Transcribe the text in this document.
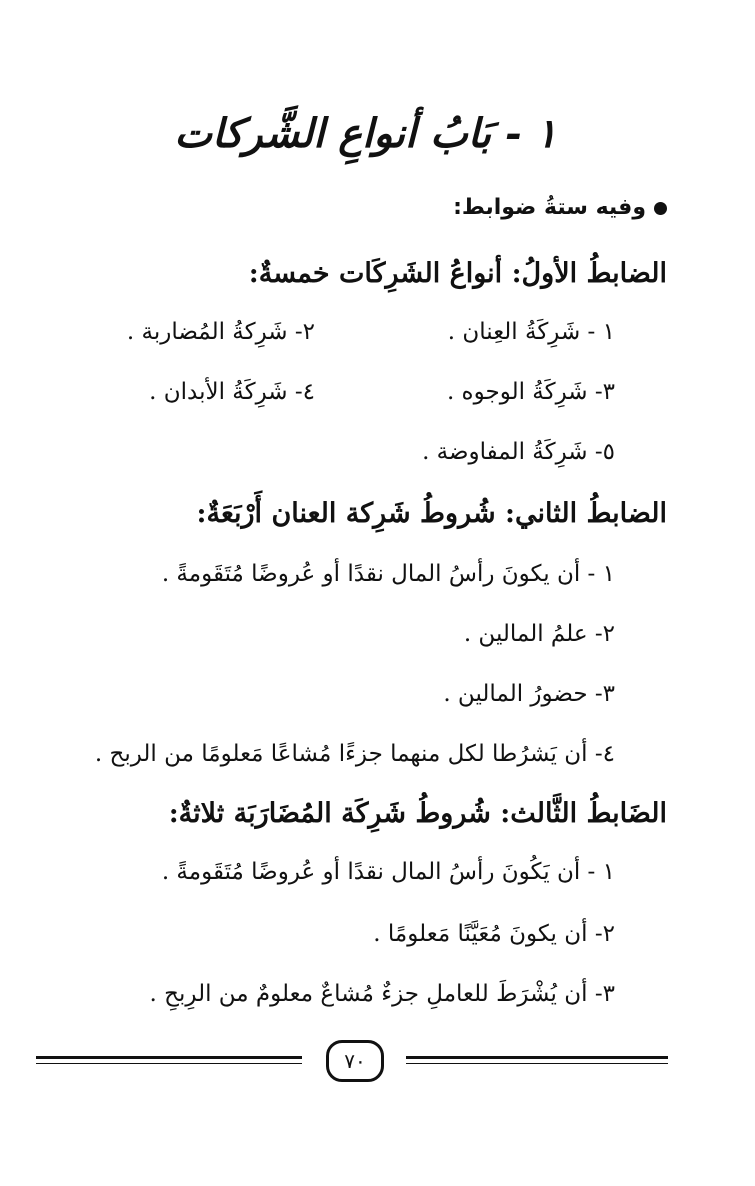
١ - بَابُ أنواعِ الشَّركات
وفيه ستةُ ضوابط:
الضابطُ الأولُ: أنواعُ الشَرِكَات خمسةٌ:
١ - شَرِكَةُ العِنان .
٢- شَرِكةُ المُضاربة .
٣- شَرِكَةُ الوجوه .
٤- شَرِكَةُ الأبدان .
٥- شَرِكَةُ المفاوضة .
الضابطُ الثاني: شُروطُ شَرِكة العنان أَرْبَعَةٌ:
١ - أن يكونَ رأسُ المال نقدًا أو عُروضًا مُتَقَومةً .
٢- علمُ المالين .
٣- حضورُ المالين .
٤- أن يَشرُطا لكل منهما جزءًا مُشاعًا مَعلومًا من الربح .
الضَابطُ الثَّالث: شُروطُ شَرِكَة المُضَارَبَة ثلاثةٌ:
١ - أن يَكُونَ رأسُ المال نقدًا أو عُروضًا مُتَقَومةً .
٢- أن يكونَ مُعَيَّنًا مَعلومًا .
٣- أن يُشْرَطَ للعاملِ جزءٌ مُشاعٌ معلومٌ من الرِبحِ .
٧٠
